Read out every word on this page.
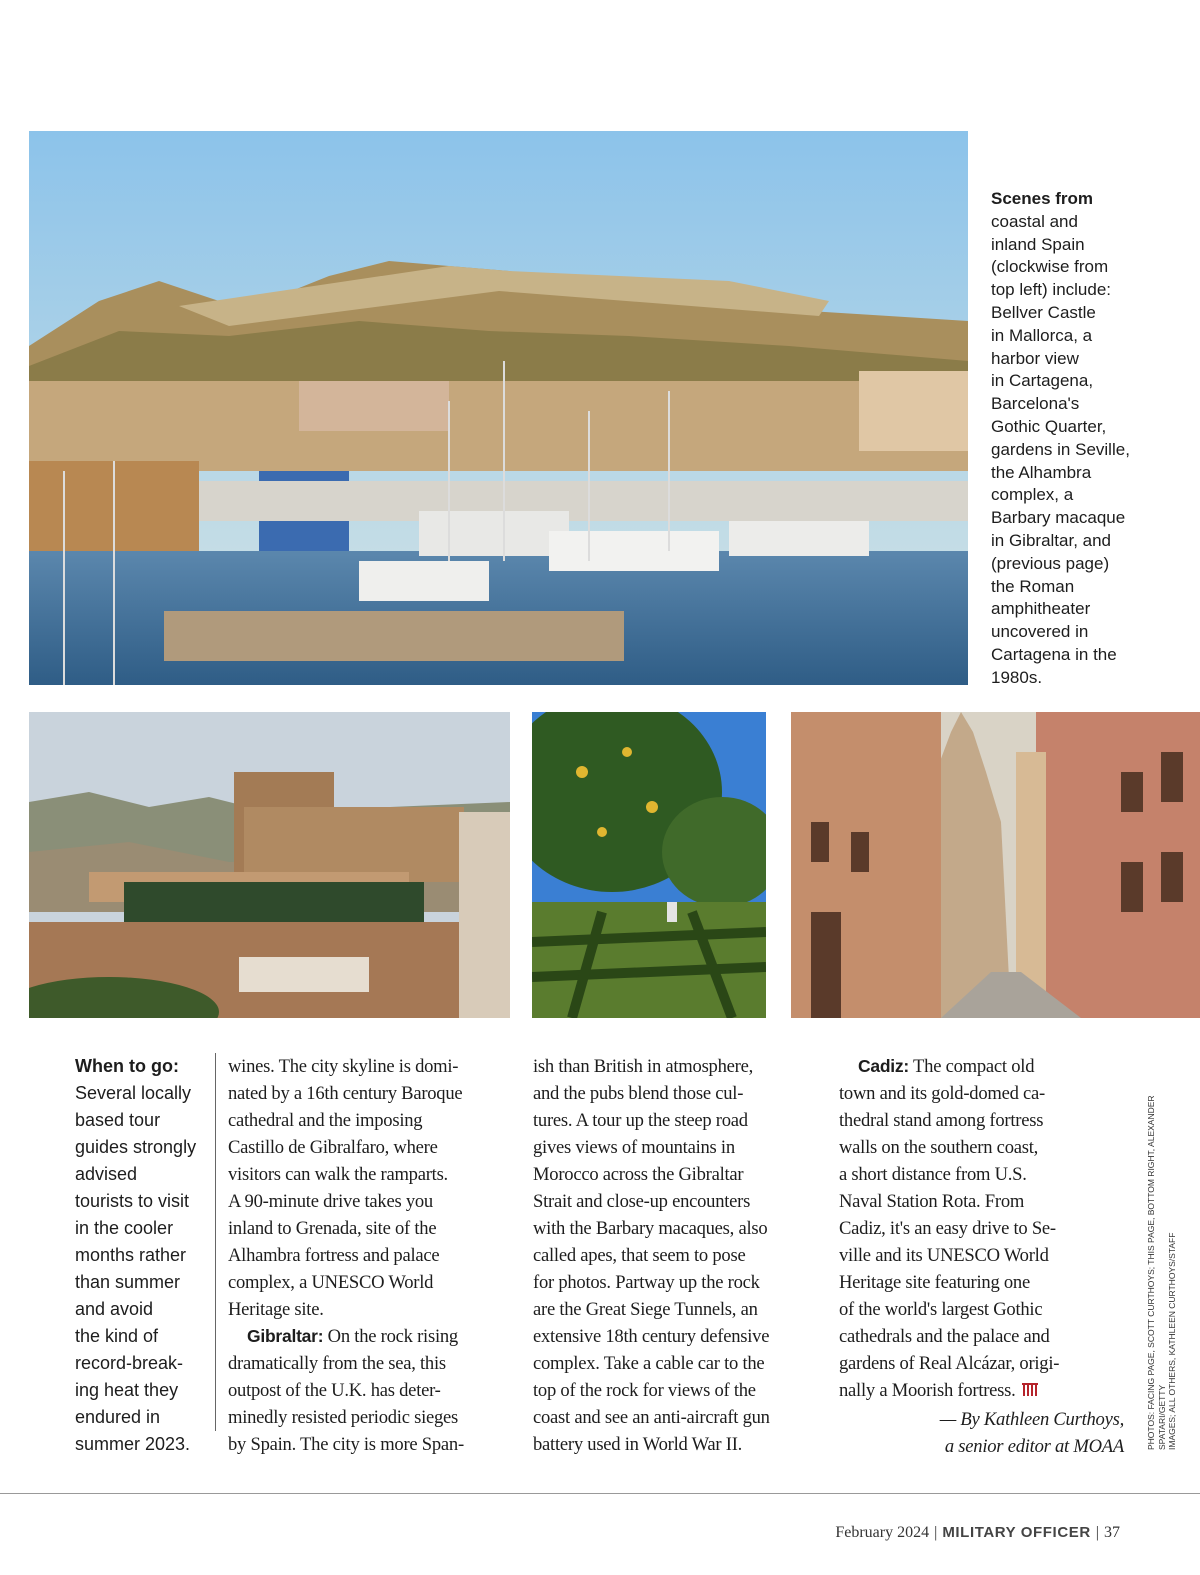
Scenes from
coastal and
inland Spain
(clockwise from
top left) include:
Bellver Castle
in Mallorca, a
harbor view
in Cartagena,
Barcelona's
Gothic Quarter,
gardens in Seville,
the Alhambra
complex, a
Barbary macaque
in Gibraltar, and
(previous page)
the Roman
amphitheater
uncovered in
Cartagena in the
1980s.
When to go:
Several locally
based tour
guides strongly
advised
tourists to visit
in the cooler
months rather
than summer
and avoid
the kind of
record-break-
ing heat they
endured in
summer 2023.
wines. The city skyline is domi-
nated by a 16th century Baroque
cathedral and the imposing
Castillo de Gibralfaro, where
visitors can walk the ramparts.
A 90-minute drive takes you
inland to Grenada, site of the
Alhambra fortress and palace
complex, a UNESCO World
Heritage site.
Gibraltar: On the rock rising
dramatically from the sea, this
outpost of the U.K. has deter-
minedly resisted periodic sieges
by Spain. The city is more Span-
ish than British in atmosphere,
and the pubs blend those cul-
tures. A tour up the steep road
gives views of mountains in
Morocco across the Gibraltar
Strait and close-up encounters
with the Barbary macaques, also
called apes, that seem to pose
for photos. Partway up the rock
are the Great Siege Tunnels, an
extensive 18th century defensive
complex. Take a cable car to the
top of the rock for views of the
coast and see an anti-aircraft gun
battery used in World War II.
Cadiz: The compact old
town and its gold-domed ca-
thedral stand among fortress
walls on the southern coast,
a short distance from U.S.
Naval Station Rota. From
Cadiz, it's an easy drive to Se-
ville and its UNESCO World
Heritage site featuring one
of the world's largest Gothic
cathedrals and the palace and
gardens of Real Alcázar, origi-
nally a Moorish fortress.
— By Kathleen Curthoys,
a senior editor at MOAA	PHOTOS: FACING PAGE, SCOTT CURTHOYS; THIS PAGE, BOTTOM RIGHT, ALEXANDER SPATARI/GETTY
IMAGES; ALL OTHERS, KATHLEEN CURTHOYS/STAFF
February 2024 | MILITARY OFFICER | 37
